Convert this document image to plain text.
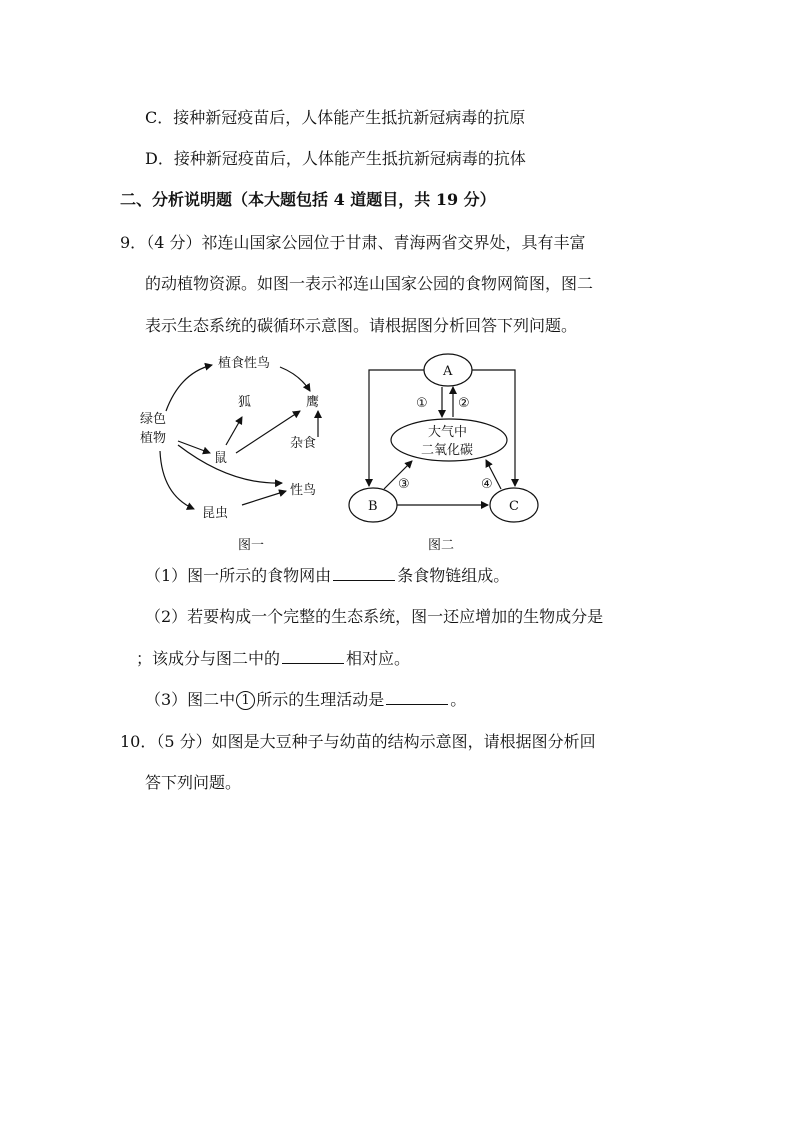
C．接种新冠疫苗后，人体能产生抵抗新冠病毒的抗原
D．接种新冠疫苗后，人体能产生抵抗新冠病毒的抗体
二、分析说明题（本大题包括 4 道题目，共 19 分）
9．（4 分）祁连山国家公园位于甘肃、青海两省交界处，具有丰富
的动植物资源。如图一表示祁连山国家公园的食物网简图，图二
表示生态系统的碳循环示意图。请根据图分析回答下列问题。
绿色
植物
植食性鸟
狐	鹰
鼠
杂食
性鸟
昆虫
图一
A
B	C
大气中
二氧化碳
① ②
③	④
图二
（1）图一所示的食物网由	条食物链组成。
（2）若要构成一个完整的生态系统，图一还应增加的生物成分是
；该成分与图二中的	相对应。
（3）图二中 1 所示的生理活动是	。
10．（5 分）如图是大豆种子与幼苗的结构示意图，请根据图分析回
答下列问题。
